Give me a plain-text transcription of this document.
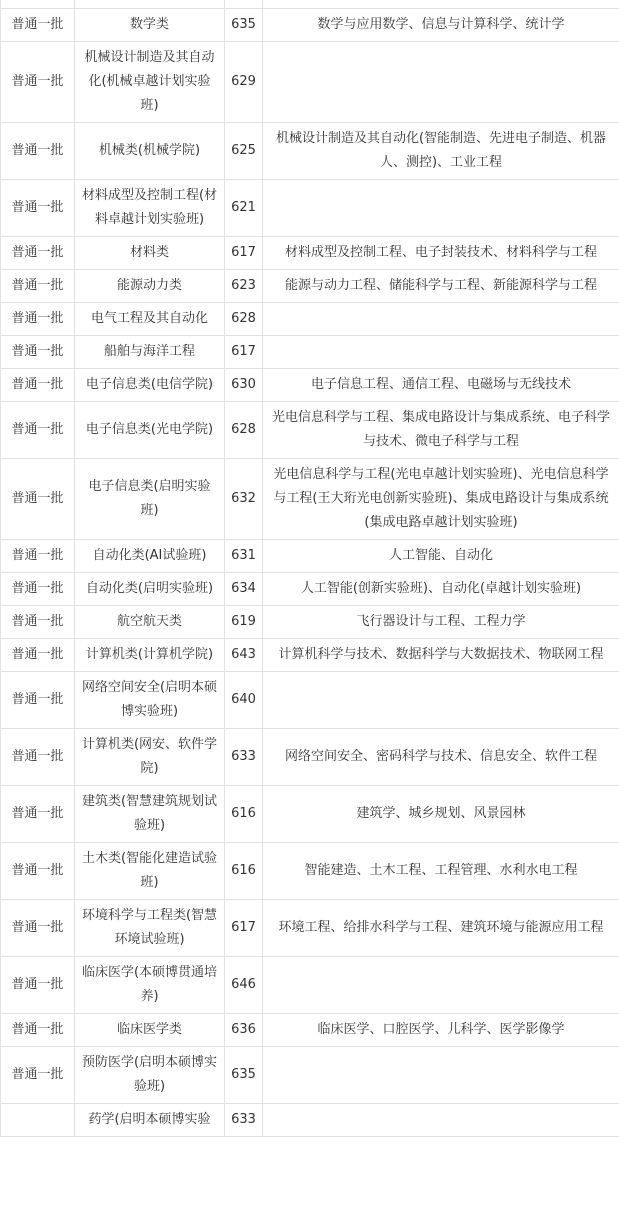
普通一批	数学类	635	数学与应用数学、信息与计算科学、统计学
普通一批	机械设计制造及其自动化(机械卓越计划实验班)	629	
普通一批	机械类(机械学院)	625	机械设计制造及其自动化(智能制造、先进电子制造、机器人、测控)、工业工程
普通一批	材料成型及控制工程(材料卓越计划实验班)	621	
普通一批	材料类	617	材料成型及控制工程、电子封装技术、材料科学与工程
普通一批	能源动力类	623	能源与动力工程、储能科学与工程、新能源科学与工程
普通一批	电气工程及其自动化	628	
普通一批	船舶与海洋工程	617	
普通一批	电子信息类(电信学院)	630	电子信息工程、通信工程、电磁场与无线技术
普通一批	电子信息类(光电学院)	628	光电信息科学与工程、集成电路设计与集成系统、电子科学与技术、微电子科学与工程
普通一批	电子信息类(启明实验班)	632	光电信息科学与工程(光电卓越计划实验班)、光电信息科学与工程(王大珩光电创新实验班)、集成电路设计与集成系统(集成电路卓越计划实验班)
普通一批	自动化类(AI试验班)	631	人工智能、自动化
普通一批	自动化类(启明实验班)	634	人工智能(创新实验班)、自动化(卓越计划实验班)
普通一批	航空航天类	619	飞行器设计与工程、工程力学
普通一批	计算机类(计算机学院)	643	计算机科学与技术、数据科学与大数据技术、物联网工程
普通一批	网络空间安全(启明本硕博实验班)	640	
普通一批	计算机类(网安、软件学院)	633	网络空间安全、密码科学与技术、信息安全、软件工程
普通一批	建筑类(智慧建筑规划试验班)	616	建筑学、城乡规划、风景园林
普通一批	土木类(智能化建造试验班)	616	智能建造、土木工程、工程管理、水利水电工程
普通一批	环境科学与工程类(智慧环境试验班)	617	环境工程、给排水科学与工程、建筑环境与能源应用工程
普通一批	临床医学(本硕博贯通培养)	646	
普通一批	临床医学类	636	临床医学、口腔医学、儿科学、医学影像学
普通一批	预防医学(启明本硕博实验班)	635	
	药学(启明本硕博实验	633	
